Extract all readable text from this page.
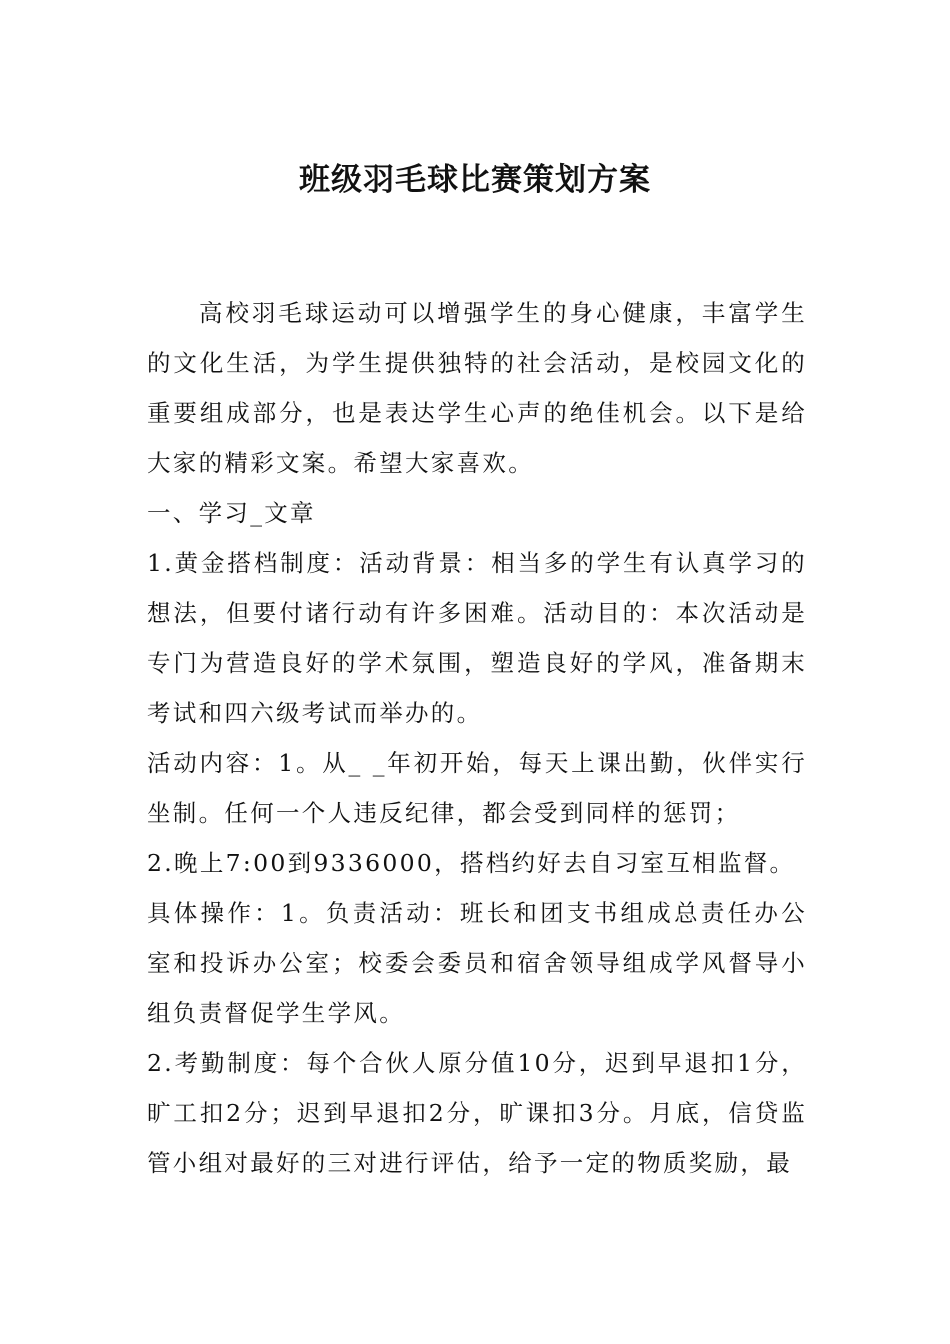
班级羽毛球比赛策划方案

高校羽毛球运动可以增强学生的身心健康，丰富学生的文化生活，为学生提供独特的社会活动，是校园文化的重要组成部分，也是表达学生心声的绝佳机会。以下是给大家的精彩文案。希望大家喜欢。

一、学习_文章

1.黄金搭档制度：活动背景：相当多的学生有认真学习的想法，但要付诸行动有许多困难。活动目的：本次活动是专门为营造良好的学术氛围，塑造良好的学风，准备期末考试和四六级考试而举办的。

活动内容：1。从_ _年初开始，每天上课出勤，伙伴实行坐制。任何一个人违反纪律，都会受到同样的惩罚；

2.晚上7:00到9336000，搭档约好去自习室互相监督。

具体操作：1。负责活动：班长和团支书组成总责任办公室和投诉办公室；校委会委员和宿舍领导组成学风督导小组负责督促学生学风。

2.考勤制度：每个合伙人原分值10分，迟到早退扣1分，旷工扣2分；迟到早退扣2分，旷课扣3分。月底，信贷监管小组对最好的三对进行评估，给予一定的物质奖励，最
